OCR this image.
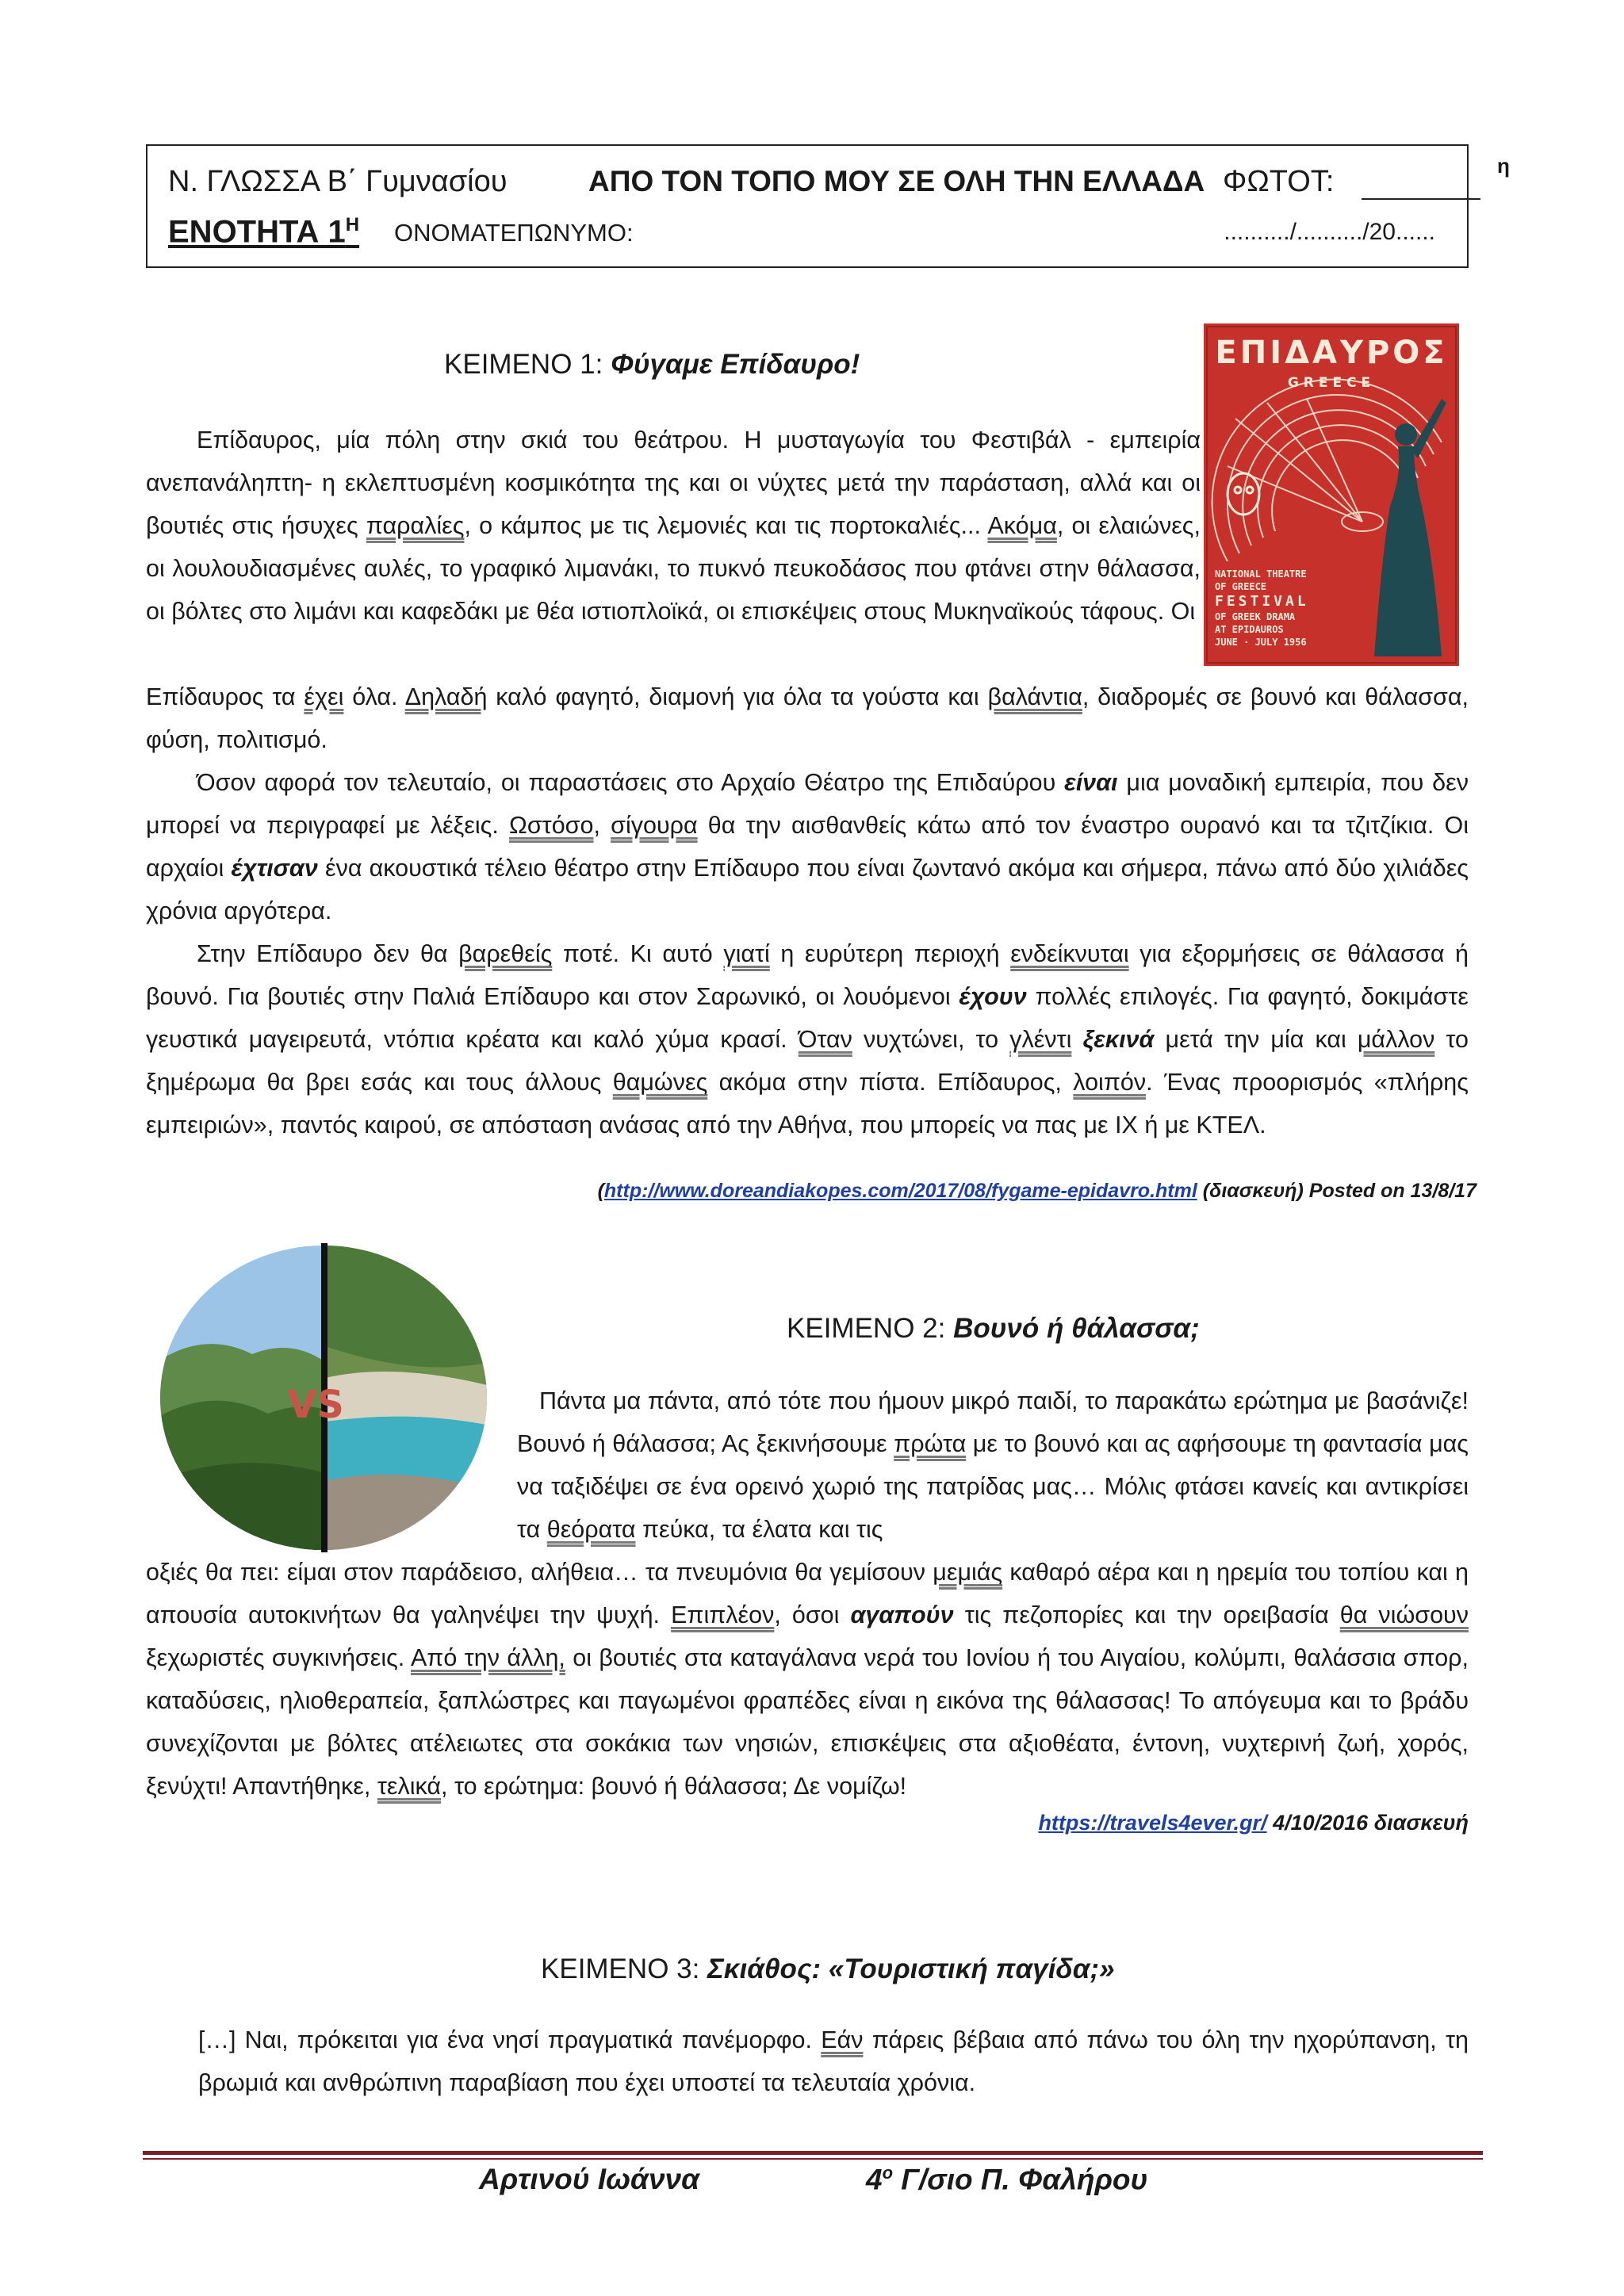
Ν. ΓΛΩΣΣΑ Β΄ Γυμνασίου	ΑΠΟ ΤΟΝ ΤΟΠΟ ΜΟΥ ΣΕ ΟΛΗ ΤΗΝ ΕΛΛΑΔΑ ΦΩΤΟΤ:	η
ΕΝΟΤΗΤΑ $1^H$ ΟΝΟΜΑΤΕΠΩΝΥΜΟ:	........../........../20......
ΚΕΙΜΕΝΟ 1: Φύγαμε Επίδαυρο!	ΕΠΙΔΑΥΡΟΣ
GREECE
NATIONAL THEATRE
OF GREECE
FESTIVAL
OF GREEK DRAMA
AT EPIDAUROS
JUNE · JULY 1956

Επίδαυρος, μία πόλη στην σκιά του θεάτρου. Η μυσταγωγία του Φεστιβάλ - εμπειρία ανεπανάληπτη- η εκλεπτυσμένη κοσμικότητα της και οι νύχτες μετά την παράσταση, αλλά και οι βουτιές στις ήσυχες παραλίες, ο κάμπος με τις λεμονιές και τις πορτοκαλιές... Ακόμα, οι ελαιώνες, οι λουλουδιασμένες αυλές, το γραφικό λιμανάκι, το πυκνό πευκοδάσος που φτάνει στην θάλασσα, οι βόλτες στο λιμάνι και καφεδάκι με θέα ιστιοπλοϊκά, οι επισκέψεις στους Μυκηναϊκούς τάφους. Οι

Επίδαυρος τα έχει όλα. Δηλαδή καλό φαγητό, διαμονή για όλα τα γούστα και βαλάντια, διαδρομές σε βουνό και θάλασσα, φύση, πολιτισμό.
Όσον αφορά τον τελευταίο, οι παραστάσεις στο Αρχαίο Θέατρο της Επιδαύρου είναι μια μοναδική εμπειρία, που δεν μπορεί να περιγραφεί με λέξεις. Ωστόσο, σίγουρα θα την αισθανθείς κάτω από τον έναστρο ουρανό και τα τζιτζίκια. Οι αρχαίοι έχτισαν ένα ακουστικά τέλειο θέατρο στην Επίδαυρο που είναι ζωντανό ακόμα και σήμερα, πάνω από δύο χιλιάδες χρόνια αργότερα.
Στην Επίδαυρο δεν θα βαρεθείς ποτέ. Κι αυτό γιατί η ευρύτερη περιοχή ενδείκνυται για εξορμήσεις σε θάλασσα ή βουνό. Για βουτιές στην Παλιά Επίδαυρο και στον Σαρωνικό, οι λουόμενοι έχουν πολλές επιλογές. Για φαγητό, δοκιμάστε γευστικά μαγειρευτά, ντόπια κρέατα και καλό χύμα κρασί. Όταν νυχτώνει, το γλέντι ξεκινά μετά την μία και μάλλον το ξημέρωμα θα βρει εσάς και τους άλλους θαμώνες ακόμα στην πίστα. Επίδαυρος, λοιπόν. Ένας προορισμός «πλήρης εμπειριών», παντός καιρού, σε απόσταση ανάσας από την Αθήνα, που μπορείς να πας με ΙΧ ή με ΚΤΕΛ.
(http://www.doreandiakopes.com/2017/08/fygame-epidavro.html (διασκευή) Posted on 13/8/17
VS
ΚΕΙΜΕΝΟ 2: Βουνό ή θάλασσα;

Πάντα μα πάντα, από τότε που ήμουν μικρό παιδί, το παρακάτω ερώτημα με βασάνιζε! Βουνό ή θάλασσα; Ας ξεκινήσουμε πρώτα με το βουνό και ας αφήσουμε τη φαντασία μας να ταξιδέψει σε ένα ορεινό χωριό της πατρίδας μας… Μόλις φτάσει κανείς και αντικρίσει τα θεόρατα πεύκα, τα έλατα και τις

οξιές θα πει: είμαι στον παράδεισο, αλήθεια… τα πνευμόνια θα γεμίσουν μεμιάς καθαρό αέρα και η ηρεμία του τοπίου και η απουσία αυτοκινήτων θα γαληνέψει την ψυχή. Επιπλέον, όσοι αγαπούν τις πεζοπορίες και την ορειβασία θα νιώσουν ξεχωριστές συγκινήσεις. Από την άλλη, οι βουτιές στα καταγάλανα νερά του Ιονίου ή του Αιγαίου, κολύμπι, θαλάσσια σπορ, καταδύσεις, ηλιοθεραπεία, ξαπλώστρες και παγωμένοι φραπέδες είναι η εικόνα της θάλασσας! Το απόγευμα και το βράδυ συνεχίζονται με βόλτες ατέλειωτες στα σοκάκια των νησιών, επισκέψεις στα αξιοθέατα, έντονη, νυχτερινή ζωή, χορός, ξενύχτι! Απαντήθηκε, τελικά, το ερώτημα: βουνό ή θάλασσα; Δε νομίζω!

https://travels4ever.gr/ 4/10/2016 διασκευή
ΚΕΙΜΕΝΟ 3: Σκιάθος: «Τουριστική παγίδα;»

[…] Ναι, πρόκειται για ένα νησί πραγματικά πανέμορφο. Εάν πάρεις βέβαια από πάνω του όλη την ηχορύπανση, τη βρωμιά και ανθρώπινη παραβίαση που έχει υποστεί τα τελευταία χρόνια.

Αρτινού Ιωάννα	$4^o$ Γ/σιο Π. Φαλήρου
